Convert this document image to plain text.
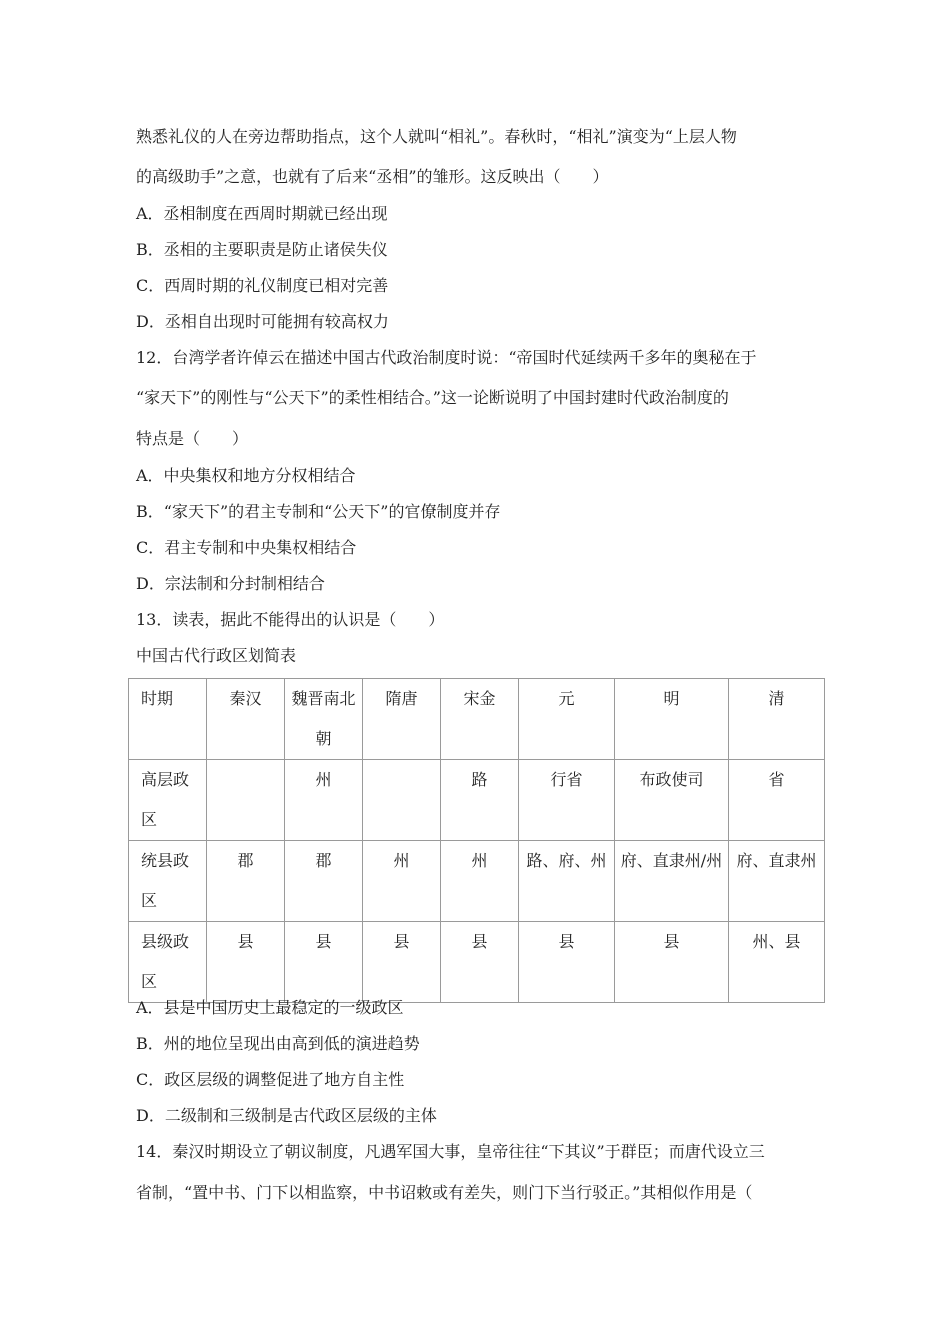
熟悉礼仪的人在旁边帮助指点，这个人就叫“相礼”。春秋时，“相礼”演变为“上层人物
的高级助手”之意，也就有了后来“丞相”的雏形。这反映出（　　）
A．丞相制度在西周时期就已经出现
B．丞相的主要职责是防止诸侯失仪
C．西周时期的礼仪制度已相对完善
D．丞相自出现时可能拥有较高权力
12．台湾学者许倬云在描述中国古代政治制度时说：“帝国时代延续两千多年的奥秘在于
“家天下”的刚性与“公天下”的柔性相结合。”这一论断说明了中国封建时代政治制度的
特点是（　　）
A．中央集权和地方分权相结合
B．“家天下”的君主专制和“公天下”的官僚制度并存
C．君主专制和中央集权相结合
D．宗法制和分封制相结合
13．读表，据此不能得出的认识是（　　）
中国古代行政区划简表
时期	秦汉	魏晋南北朝	隋唐	宋金	元	明	清
高层政区		州		路	行省	布政使司	省
统县政区	郡	郡	州	州	路、府、州	府、直隶州/州	府、直隶州
县级政区	县	县	县	县	县	县	州、县
A．县是中国历史上最稳定的一级政区
B．州的地位呈现出由高到低的演进趋势
C．政区层级的调整促进了地方自主性
D．二级制和三级制是古代政区层级的主体
14．秦汉时期设立了朝议制度，凡遇军国大事，皇帝往往“下其议”于群臣；而唐代设立三
省制，“置中书、门下以相监察，中书诏敕或有差失，则门下当行驳正。”其相似作用是（
